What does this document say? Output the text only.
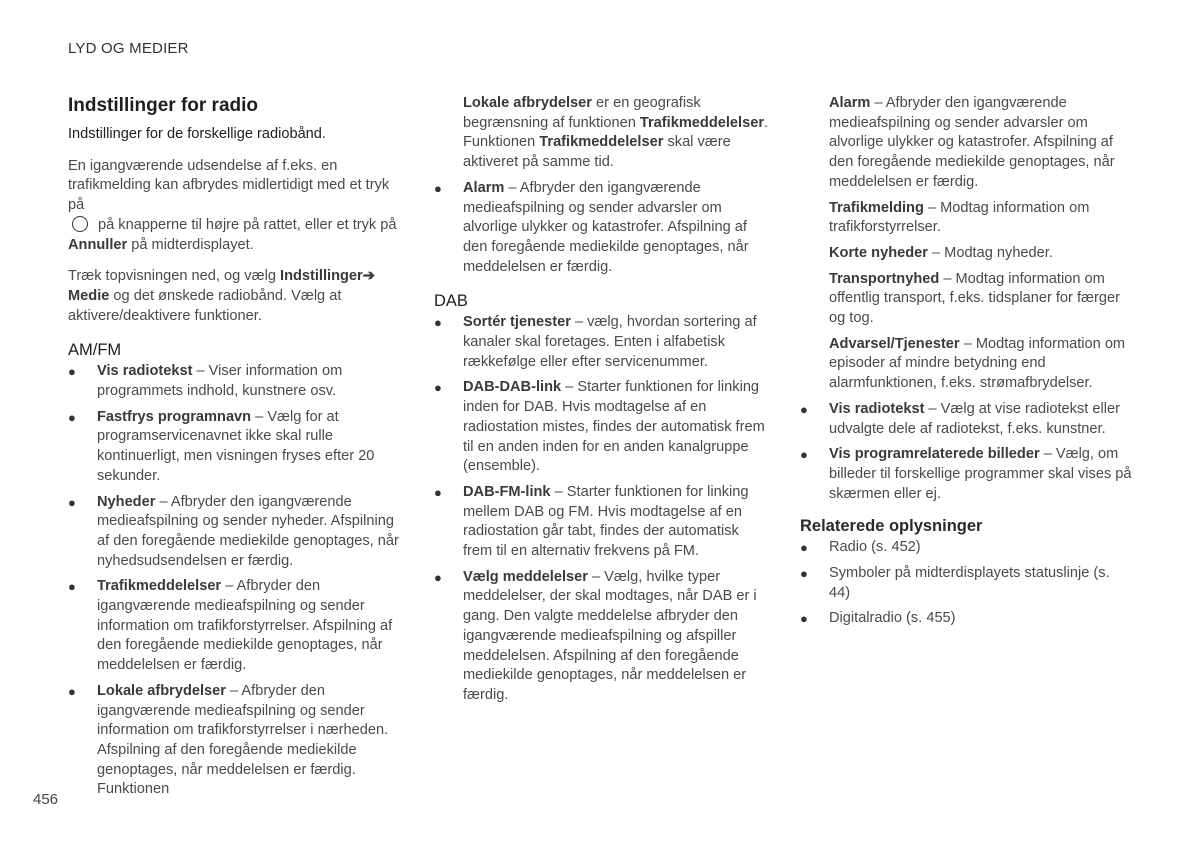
LYD OG MEDIER
Indstillinger for radio

Indstillinger for de forskellige radiobånd.

En igangværende udsendelse af f.eks. en trafikmelding kan afbrydes midlertidigt med et tryk på
på knapperne til højre på rattet, eller et tryk på Annuller på midterdisplayet.

Træk topvisningen ned, og vælg Indstillinger➔ Medie og det ønskede radiobånd. Vælg at aktivere/deaktivere funktioner.

AM/FM
● Vis radiotekst – Viser information om programmets indhold, kunstnere osv.
● Fastfrys programnavn – Vælg for at programservicenavnet ikke skal rulle kontinuerligt, men visningen fryses efter 20 sekunder.
● Nyheder – Afbryder den igangværende medieafspilning og sender nyheder. Afspilning af den foregående mediekilde genoptages, når nyhedsudsendelsen er færdig.
● Trafikmeddelelser – Afbryder den igangværende medieafspilning og sender information om trafikforstyrrelser. Afspilning af den foregående mediekilde genoptages, når meddelelsen er færdig.
● Lokale afbrydelser – Afbryder den igangværende medieafspilning og sender information om trafikforstyrrelser i nærheden. Afspilning af den foregående mediekilde genoptages, når meddelelsen er færdig. Funktionen

Lokale afbrydelser er en geografisk begrænsning af funktionen Trafikmeddelelser. Funktionen Trafikmeddelelser skal være aktiveret på samme tid.

● Alarm – Afbryder den igangværende medieafspilning og sender advarsler om alvorlige ulykker og katastrofer. Afspilning af den foregående mediekilde genoptages, når meddelelsen er færdig.
DAB
● Sortér tjenester – vælg, hvordan sortering af kanaler skal foretages. Enten i alfabetisk rækkefølge eller efter servicenummer.
● DAB-DAB-link – Starter funktionen for linking inden for DAB. Hvis modtagelse af en radiostation mistes, findes der automatisk frem til en anden inden for en anden kanalgruppe (ensemble).
● DAB-FM-link – Starter funktionen for linking mellem DAB og FM. Hvis modtagelse af en radiostation går tabt, findes der automatisk frem til en alternativ frekvens på FM.
● Vælg meddelelser – Vælg, hvilke typer meddelelser, der skal modtages, når DAB er i gang. Den valgte meddelelse afbryder den igangværende medieafspilning og afspiller meddelelsen. Afspilning af den foregående mediekilde genoptages, når meddelelsen er færdig.

Alarm – Afbryder den igangværende medieafspilning og sender advarsler om alvorlige ulykker og katastrofer. Afspilning af den foregående mediekilde genoptages, når meddelelsen er færdig.

Trafikmelding – Modtag information om trafikforstyrrelser.

Korte nyheder – Modtag nyheder.

Transportnyhed – Modtag information om offentlig transport, f.eks. tidsplaner for færger og tog.

Advarsel/Tjenester – Modtag information om episoder af mindre betydning end alarmfunktionen, f.eks. strømafbrydelser.

● Vis radiotekst – Vælg at vise radiotekst eller udvalgte dele af radiotekst, f.eks. kunstner.
● Vis programrelaterede billeder – Vælg, om billeder til forskellige programmer skal vises på skærmen eller ej.
Relaterede oplysninger
● Radio (s. 452)
● Symboler på midterdisplayets statuslinje (s. 44)
● Digitalradio (s. 455)
456
